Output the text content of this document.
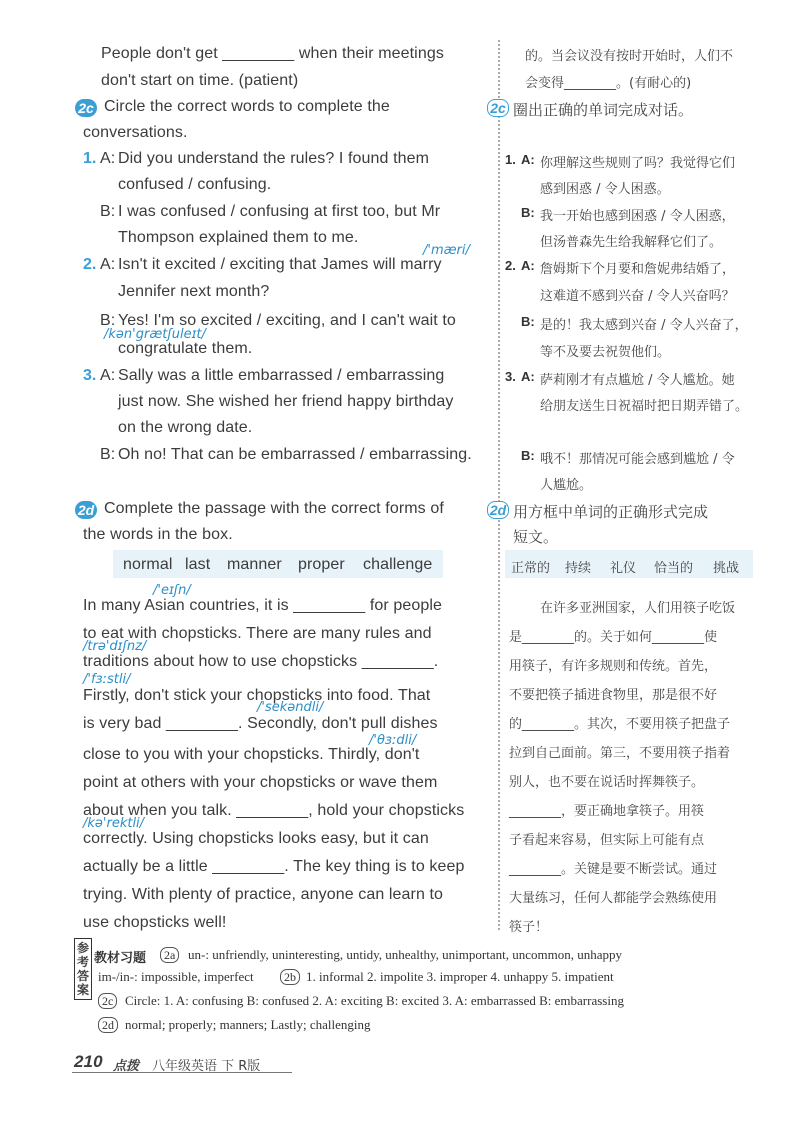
People don't get ________ when their meetings
don't start on time. (patient)
的。当会议没有按时开始时，人们不
会变得________。(有耐心的)
2c Circle the correct words to complete the
conversations.
2c 圈出正确的单词完成对话。
1. A: Did you understand the rules? I found them
confused / confusing.
B: I was confused / confusing at first too, but Mr
Thompson explained them to me.
/'mæri/
2. A: Isn't it excited / exciting that James will marry
Jennifer next month?
B: Yes! I'm so excited / exciting, and I can't wait to
/kən'grætʃuleɪt/
congratulate them.
3. A: Sally was a little embarrassed / embarrassing
just now. She wished her friend happy birthday
on the wrong date.
B: Oh no! That can be embarrassed / embarrassing.
1. A: 你理解这些规则了吗？我觉得它们
感到困惑 / 令人困惑。
B: 我一开始也感到困惑 / 令人困惑，
但汤普森先生给我解释它们了。
2. A: 詹姆斯下个月要和詹妮弗结婚了，
这难道不感到兴奋 / 令人兴奋吗？
B: 是的！我太感到兴奋 / 令人兴奋了，
等不及要去祝贺他们。
3. A: 萨莉刚才有点尴尬 / 令人尴尬。她
给朋友送生日祝福时把日期弄错了。
B: 哦不！那情况可能会感到尴尬 / 令
人尴尬。
2d Complete the passage with the correct forms of
the words in the box.
2d 用方框中单词的正确形式完成
短文。
normal last manner proper challenge	正常的 持续 礼仪 恰当的 挑战
/'eɪʃn/
In many Asian countries, it is ________ for people
to eat with chopsticks. There are many rules and
/trə'dɪʃnz/
traditions about how to use chopsticks ________.
/'fɜːstli/
Firstly, don't stick your chopsticks into food. That
/'sekəndli/
is very bad ________. Secondly, don't pull dishes
/'θɜːdli/
close to you with your chopsticks. Thirdly, don't
point at others with your chopsticks or wave them
about when you talk. ________, hold your chopsticks
/kə'rektli/
correctly. Using chopsticks looks easy, but it can
actually be a little ________. The key thing is to keep
trying. With plenty of practice, anyone can learn to
use chopsticks well!
在许多亚洲国家，人们用筷子吃饭
是________的。关于如何________使
用筷子，有许多规则和传统。首先，
不要把筷子插进食物里，那是很不好
的________。其次，不要用筷子把盘子
拉到自己面前。第三，不要用筷子指着
别人，也不要在说话时挥舞筷子。
________，要正确地拿筷子。用筷
子看起来容易，但实际上可能有点
________。关键是要不断尝试。通过
大量练习，任何人都能学会熟练使用
筷子！
参考答案
教材习题	2a un-: unfriendly, uninteresting, untidy, unhealthy, unimportant, uncommon, unhappy
im-/in-: impossible, imperfect	2b 1. informal 2. impolite 3. improper 4. unhappy 5. impatient
2c Circle: 1. A: confusing B: confused 2. A: exciting B: excited 3. A: embarrassed B: embarrassing
2d normal; properly; manners; Lastly; challenging
210 点拨 八年级英语 下 R版
